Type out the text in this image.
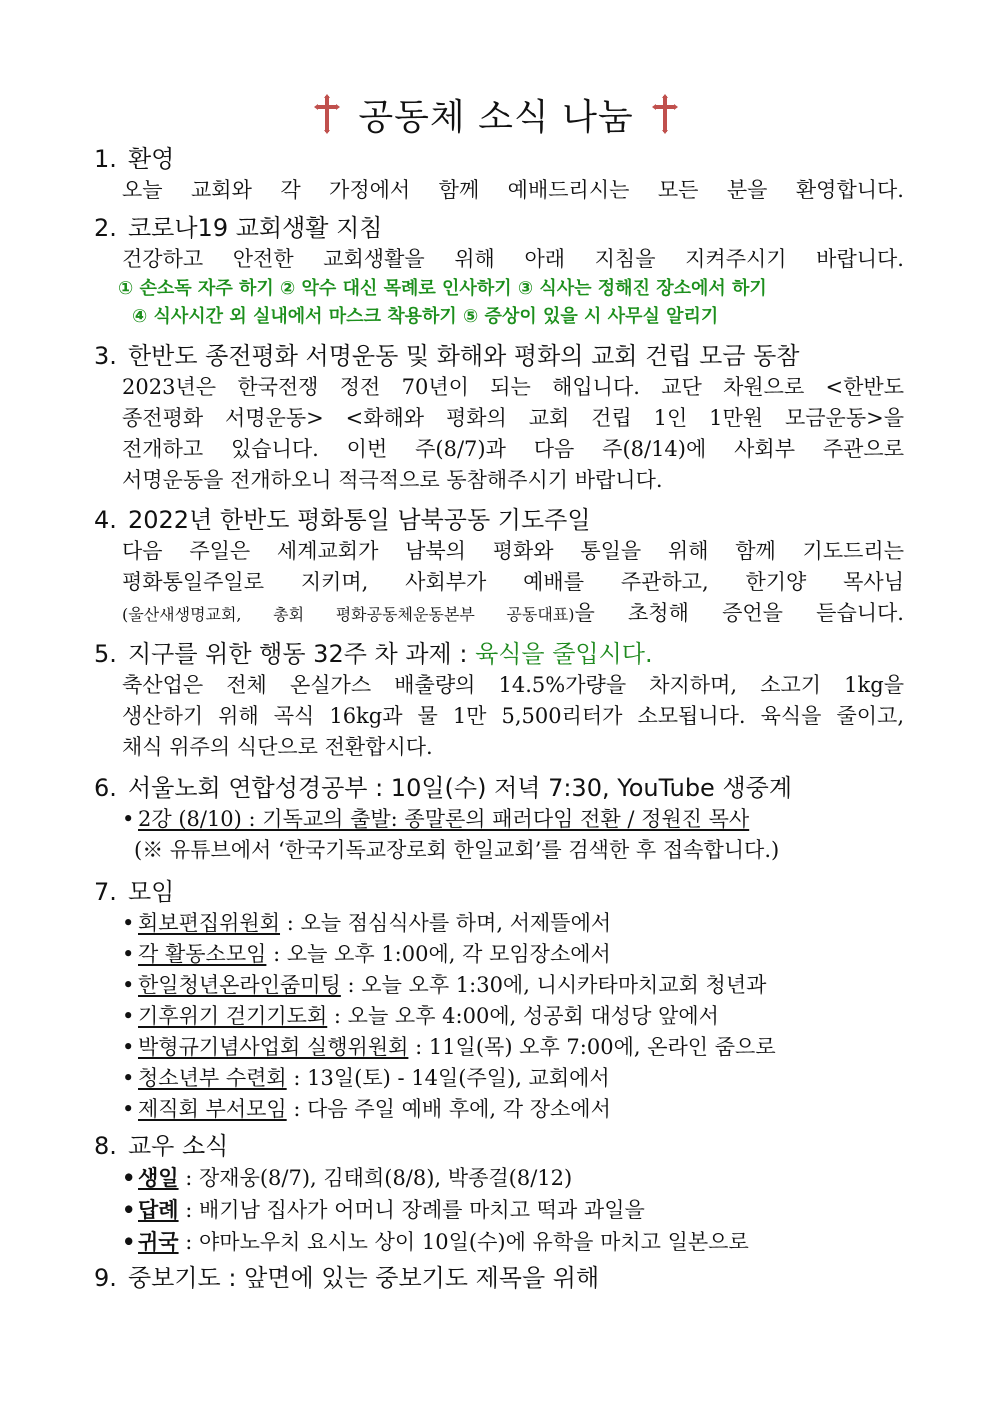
공동체 소식 나눔
1. 환영
오늘 교회와 각 가정에서 함께 예배드리시는 모든 분을 환영합니다.
2. 코로나19 교회생활 지침
건강하고 안전한 교회생활을 위해 아래 지침을 지켜주시기 바랍니다.
① 손소독 자주 하기 ② 악수 대신 목례로 인사하기 ③ 식사는 정해진 장소에서 하기
④ 식사시간 외 실내에서 마스크 착용하기 ⑤ 증상이 있을 시 사무실 알리기
3. 한반도 종전평화 서명운동 및 화해와 평화의 교회 건립 모금 동참
2023년은 한국전쟁 정전 70년이 되는 해입니다. 교단 차원으로 <한반도
종전평화 서명운동> <화해와 평화의 교회 건립 1인 1만원 모금운동>을
전개하고 있습니다. 이번 주(8/7)과 다음 주(8/14)에 사회부 주관으로
서명운동을 전개하오니 적극적으로 동참해주시기 바랍니다.
4. 2022년 한반도 평화통일 남북공동 기도주일
다음 주일은 세계교회가 남북의 평화와 통일을 위해 함께 기도드리는
평화통일주일로 지키며, 사회부가 예배를 주관하고, 한기양 목사님
(울산새생명교회, 총회 평화공동체운동본부 공동대표)을 초청해 증언을 듣습니다.
5. 지구를 위한 행동 32주 차 과제 : 육식을 줄입시다.
축산업은 전체 온실가스 배출량의 14.5%가량을 차지하며, 소고기 1kg을
생산하기 위해 곡식 16kg과 물 1만 5,500리터가 소모됩니다. 육식을 줄이고,
채식 위주의 식단으로 전환합시다.
6. 서울노회 연합성경공부 : 10일(수) 저녁 7:30, YouTube 생중계
• 2강 (8/10) : 기독교의 출발: 종말론의 패러다임 전환 / 정원진 목사
(※ 유튜브에서 ‘한국기독교장로회 한일교회’를 검색한 후 접속합니다.)
7. 모임
• 회보편집위원회 : 오늘 점심식사를 하며, 서제뜰에서
• 각 활동소모임 : 오늘 오후 1:00에, 각 모임장소에서
• 한일청년온라인줌미팅 : 오늘 오후 1:30에, 니시카타마치교회 청년과
• 기후위기 걷기기도회 : 오늘 오후 4:00에, 성공회 대성당 앞에서
• 박형규기념사업회 실행위원회 : 11일(목) 오후 7:00에, 온라인 줌으로
• 청소년부 수련회 : 13일(토) - 14일(주일), 교회에서
• 제직회 부서모임 : 다음 주일 예배 후에, 각 장소에서
8. 교우 소식
• 생일 : 장재웅(8/7), 김태희(8/8), 박종걸(8/12)
• 답례 : 배기남 집사가 어머니 장례를 마치고 떡과 과일을
• 귀국 : 야마노우치 요시노 상이 10일(수)에 유학을 마치고 일본으로
9. 중보기도 : 앞면에 있는 중보기도 제목을 위해
